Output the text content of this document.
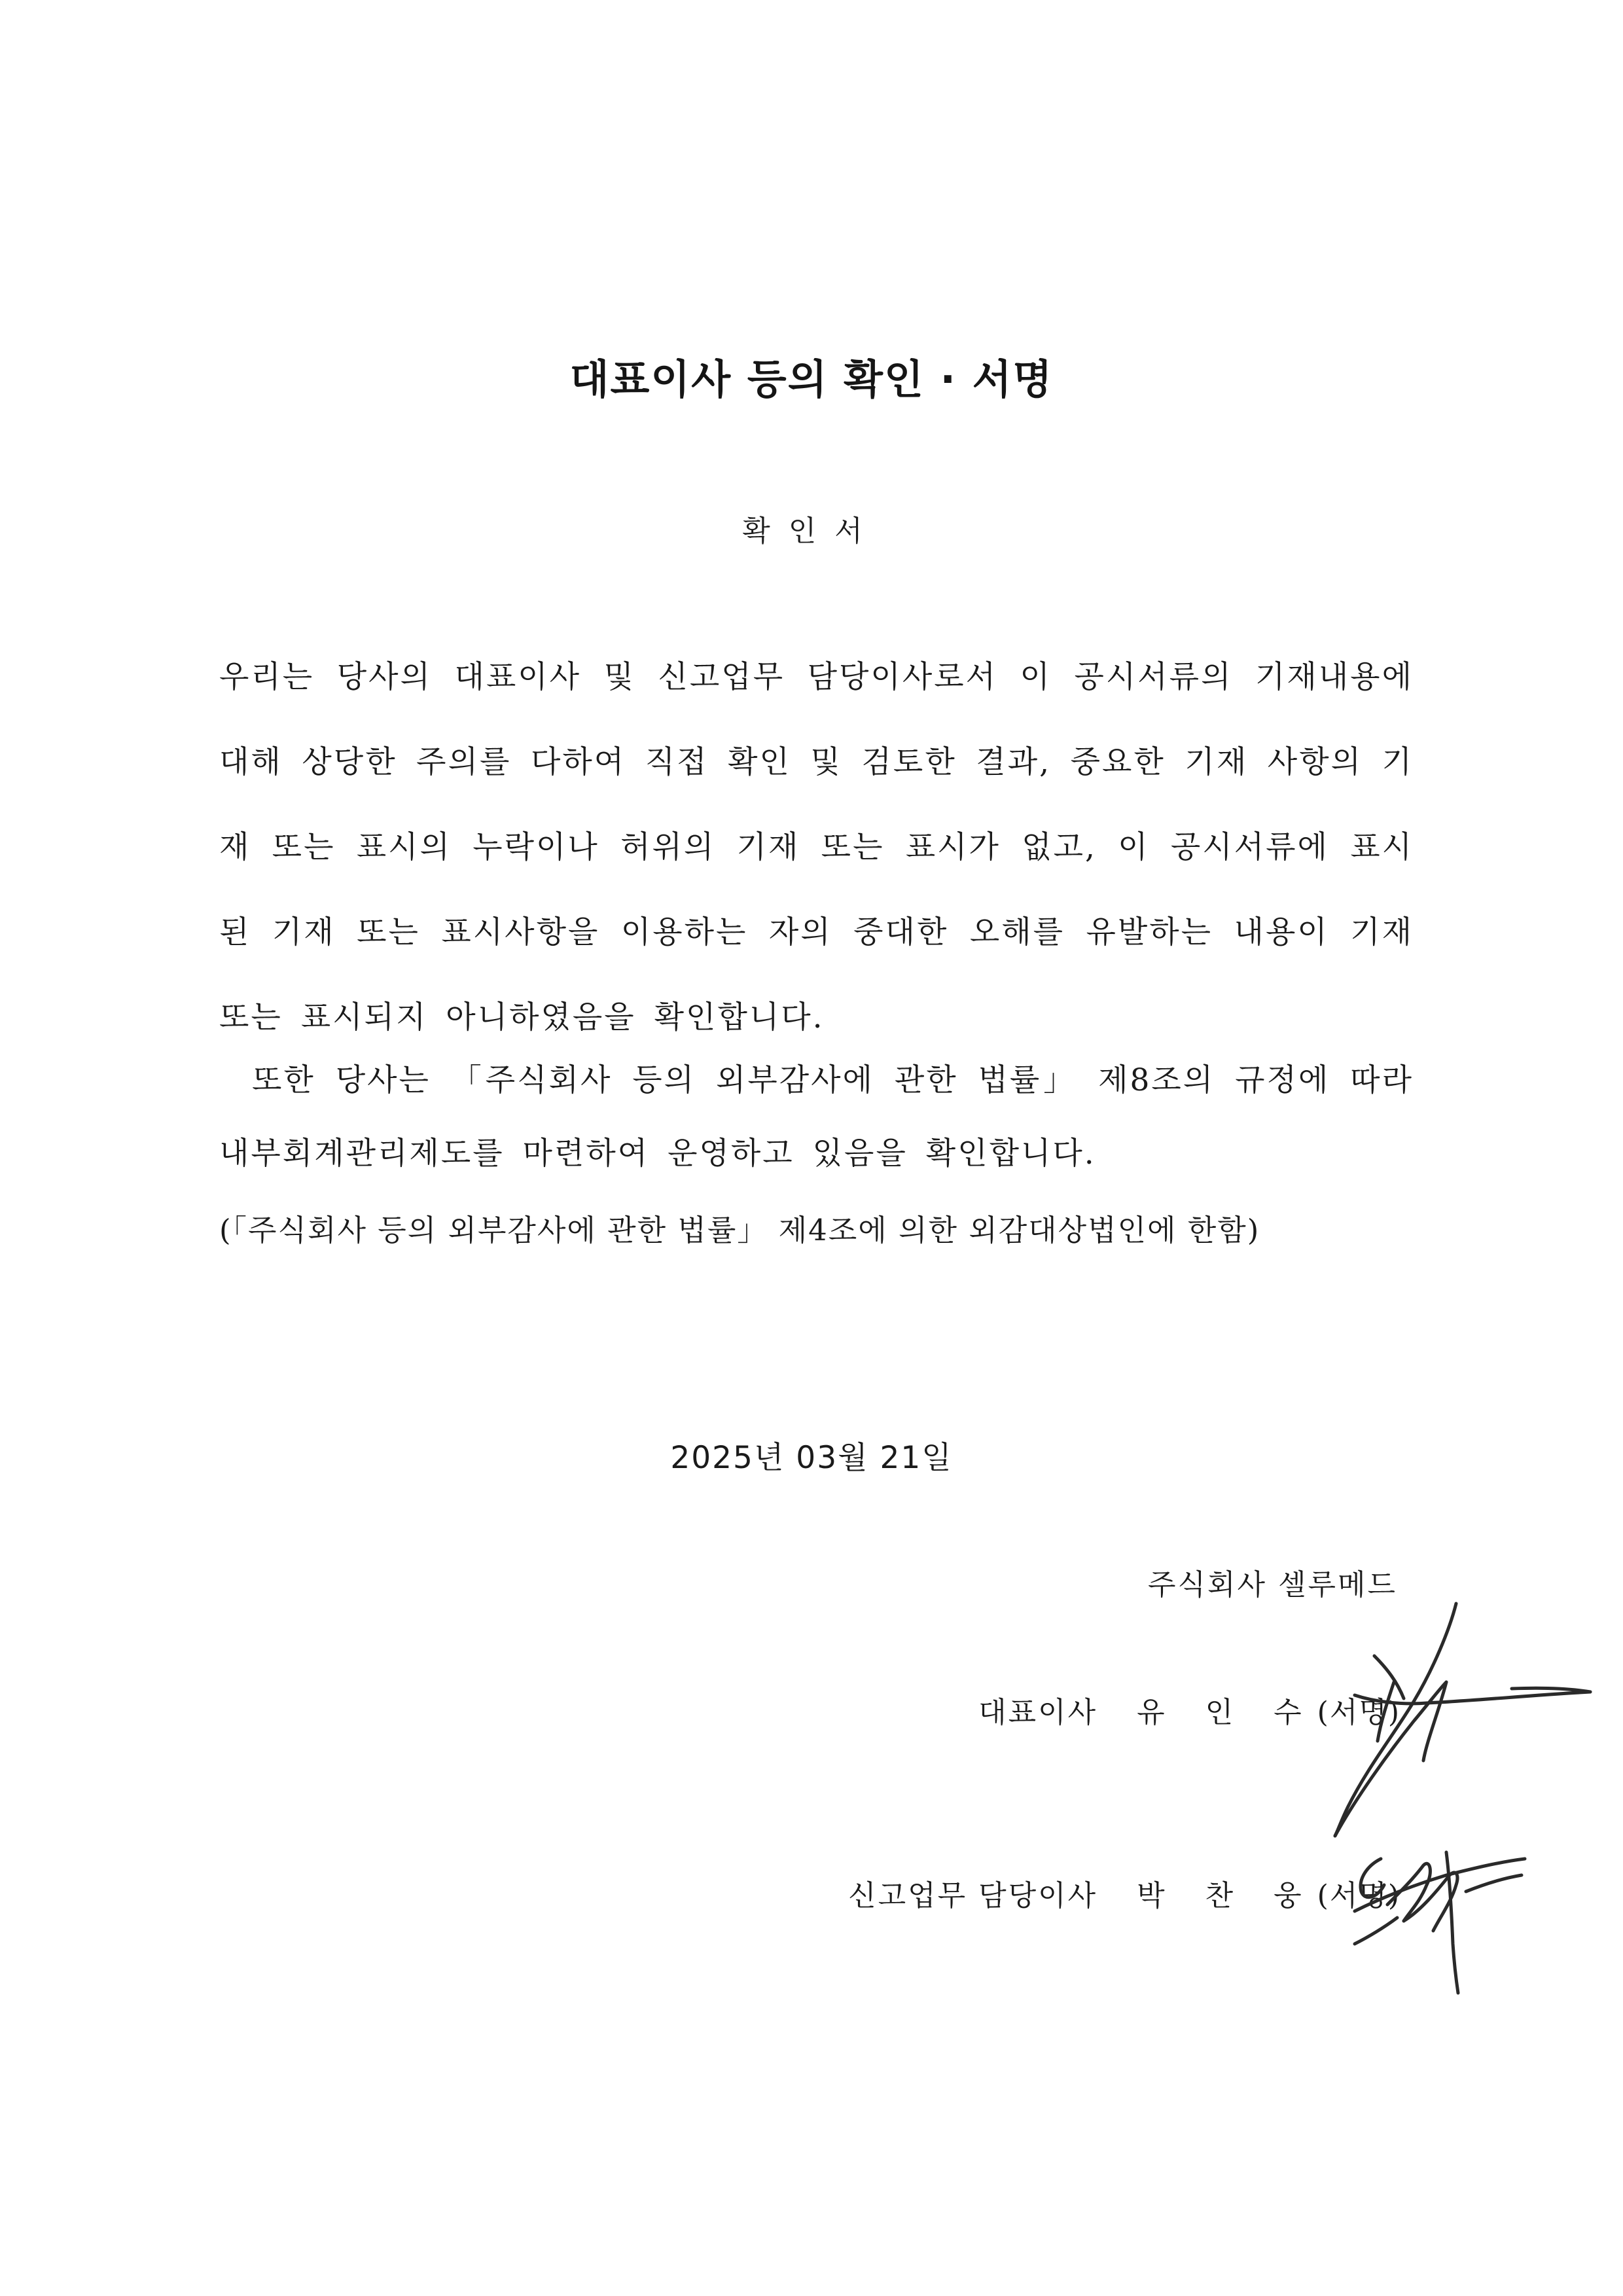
대표이사 등의 확인 · 서명
확인서

우리는 당사의 대표이사 및 신고업무 담당이사로서 이 공시서류의 기재내용에 대해 상당한 주의를 다하여 직접 확인 및 검토한 결과, 중요한 기재 사항의 기재 또는 표시의 누락이나 허위의 기재 또는 표시가 없고, 이 공시서류에 표시된 기재 또는 표시사항을 이용하는 자의 중대한 오해를 유발하는 내용이 기재 또는 표시되지 아니하였음을 확인합니다.

또한 당사는 「주식회사 등의 외부감사에 관한 법률」 제8조의 규정에 따라 내부회계관리제도를 마련하여 운영하고 있음을 확인합니다.

(「주식회사 등의 외부감사에 관한 법률」 제4조에 의한 외감대상법인에 한함)

2025년 03월 21일
주식회사 셀루메드
대표이사 유 인 수(서명)
신고업무 담당이사 박 찬 웅(서명)
